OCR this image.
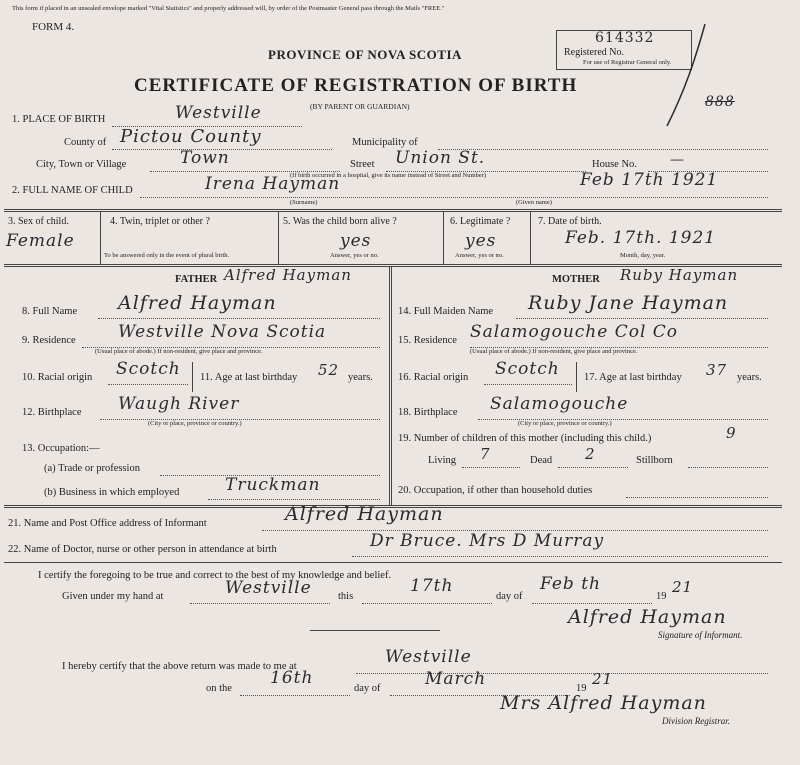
This form if placed in an unsealed envelope marked "Vital Statistics" and properly addressed will, by order of the Postmaster General pass through the Mails "FREE."
FORM 4.
PROVINCE OF NOVA SCOTIA
CERTIFICATE OF REGISTRATION OF BIRTH
(BY PARENT OR GUARDIAN)
614332
Registered No.
For use of Registrar General only.
888
1. PLACE OF BIRTH	Westville
County of Pictou County	Municipality of
City, Town or Village	Town	Street Union St.	House No. —
(If birth occurred in a hospital, give its name instead of Street and Number)
2. FULL NAME OF CHILD	Irena Hayman	Feb 17th 1921
(Surname)	(Given name)
3. Sex of child.
Female
4. Twin, triplet or other ?
To be answered only in the event of plural birth.
5. Was the child born alive ?
yes
Answer, yes or no.
6. Legitimate ?
yes
Answer, yes or no.
7. Date of birth.
Feb. 17th. 1921
Month, day, year.
FATHER Alfred Hayman	MOTHER Ruby Hayman
8. Full Name Alfred Hayman
9. Residence Westville Nova Scotia
(Usual place of abode.) If non-resident, give place and province.
10. Racial origin Scotch 11. Age at last birthday 52 years.
12. Birthplace Waugh River
(City or place, province or country.)
13. Occupation:—
(a) Trade or profession
(b) Business in which employed	Truckman
14. Full Maiden Name Ruby Jane Hayman
15. Residence Salamogouche Col Co
(Usual place of abode.) If non-resident, give place and province.
16. Racial origin Scotch 17. Age at last birthday 37 years.
18. Birthplace Salamogouche
(City or place, province or country.)
19. Number of children of this mother (including this child.)	9
Living 7	Dead 2	Stillborn
20. Occupation, if other than household duties
21. Name and Post Office address of Informant	Alfred Hayman
22. Name of Doctor, nurse or other person in attendance at birth	Dr Bruce. Mrs D Murray
I certify the foregoing to be true and correct to the best of my knowledge and belief.
Given under my hand at	Westville	this
17th
day of
Feb th
19
21
Alfred Hayman
Signature of Informant.
I hereby certify that the above return was made to me at	Westville
on the
16th
day of	March	19
21
Mrs Alfred Hayman
Division Registrar.
